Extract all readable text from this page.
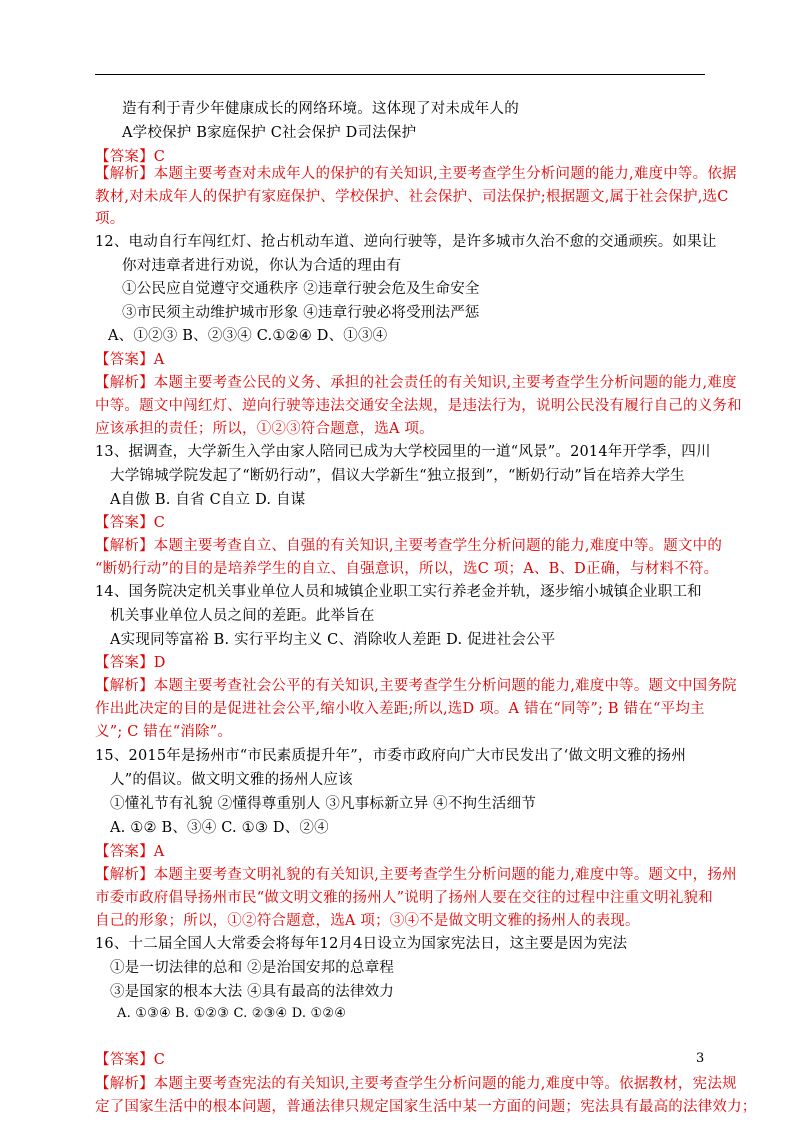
造有利于青少年健康成长的网络环境。这体现了对未成年人的
A学校保护 B家庭保护 C社会保护 D司法保护
【答案】C
【解析】本题主要考查对未成年人的保护的有关知识,主要考查学生分析问题的能力,难度中等。依据
教材,对未成年人的保护有家庭保护、学校保护、社会保护、司法保护;根据题文,属于社会保护,选C
项。
12、电动自行车闯红灯、抢占机动车道、逆向行驶等，是许多城市久治不愈的交通顽疾。如果让
你对违章者进行劝说，你认为合适的理由有
①公民应自觉遵守交通秩序 ②违章行驶会危及生命安全
③市民须主动维护城市形象 ④违章行驶必将受刑法严惩
A、①②③ B、②③④ C.①②④ D、①③④
【答案】A
【解析】本题主要考查公民的义务、承担的社会责任的有关知识,主要考查学生分析问题的能力,难度
中等。题文中闯红灯、逆向行驶等违法交通安全法规，是违法行为，说明公民没有履行自己的义务和
应该承担的责任；所以，①②③符合题意，选A 项。
13、据调查，大学新生入学由家人陪同已成为大学校园里的一道“风景”。2014年开学季，四川
大学锦城学院发起了“断奶行动”，倡议大学新生“独立报到”，“断奶行动”旨在培养大学生
A自傲 B. 自省 C自立 D. 自谋
【答案】C
【解析】本题主要考查自立、自强的有关知识,主要考查学生分析问题的能力,难度中等。题文中的
“断奶行动”的目的是培养学生的自立、自强意识，所以，选C 项；A、B、D正确，与材料不符。
14、国务院决定机关事业单位人员和城镇企业职工实行养老金并轨，逐步缩小城镇企业职工和
机关事业单位人员之间的差距。此举旨在
A实现同等富裕 B. 实行平均主义 C、消除收人差距 D. 促进社会公平
【答案】D
【解析】本题主要考查社会公平的有关知识,主要考查学生分析问题的能力,难度中等。题文中国务院
作出此决定的目的是促进社会公平,缩小收入差距;所以,选D 项。A 错在“同等”; B 错在“平均主
义”; C 错在“消除”。
15、2015年是扬州市“市民素质提升年”，市委市政府向广大市民发出了‘做文明文雅的扬州
人”的倡议。做文明文雅的扬州人应该
①懂礼节有礼貌 ②懂得尊重别人 ③凡事标新立异 ④不拘生活细节
A. ①② B、③④ C. ①③ D、②④
【答案】A
【解析】本题主要考查文明礼貌的有关知识,主要考查学生分析问题的能力,难度中等。题文中，扬州
市委市政府倡导扬州市民“做文明文雅的扬州人”说明了扬州人要在交往的过程中注重文明礼貌和
自己的形象；所以，①②符合题意，选A 项；③④不是做文明文雅的扬州人的表现。
16、十二届全国人大常委会将每年12月4日设立为国家宪法日，这主要是因为宪法
①是一切法律的总和 ②是治国安邦的总章程
③是国家的根本大法 ④具有最高的法律效力
A. ①③④ B. ①②③ C. ②③④ D. ①②④
【答案】C
【解析】本题主要考查宪法的有关知识,主要考查学生分析问题的能力,难度中等。依据教材，宪法规
定了国家生活中的根本问题，普通法律只规定国家生活中某一方面的问题；宪法具有最高的法律效力；
3
